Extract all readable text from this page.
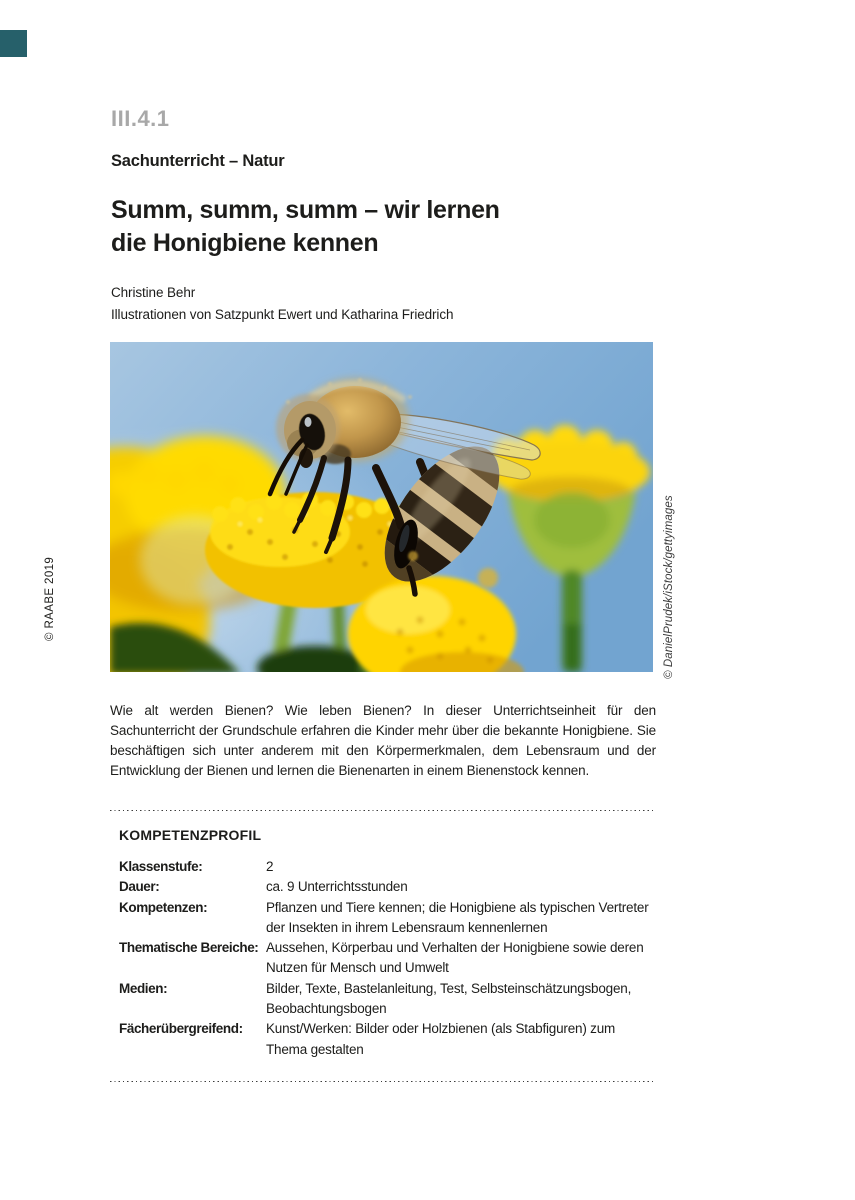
© RAABE 2019
III.4.1
Sachunterricht – Natur
Summ, summ, summ – wir lernen
die Honigbiene kennen
Christine Behr
Illustrationen von Satzpunkt Ewert und Katharina Friedrich
© DanielPrudek/iStock/gettyimages
Wie alt werden Bienen? Wie leben Bienen? In dieser Unterrichtseinheit für den Sachunterricht der Grundschule erfahren die Kinder mehr über die bekannte Honigbiene. Sie beschäftigen sich unter anderem mit den Körpermerkmalen, dem Lebensraum und der Entwicklung der Bienen und lernen die Bienenarten in einem Bienenstock kennen.
KOMPETENZPROFIL
Klassenstufe:	2
Dauer:	ca. 9 Unterrichtsstunden
Kompetenzen:	Pflanzen und Tiere kennen; die Honigbiene als typischen Vertreter der Insekten in ihrem Lebensraum kennenlernen
Thematische Bereiche: Aussehen, Körperbau und Verhalten der Honigbiene sowie deren Nutzen für Mensch und Umwelt
Medien:	Bilder, Texte, Bastelanleitung, Test, Selbsteinschätzungsbogen, Beobachtungsbogen
Fächerübergreifend:	Kunst/Werken: Bilder oder Holzbienen (als Stabfiguren) zum Thema gestalten
